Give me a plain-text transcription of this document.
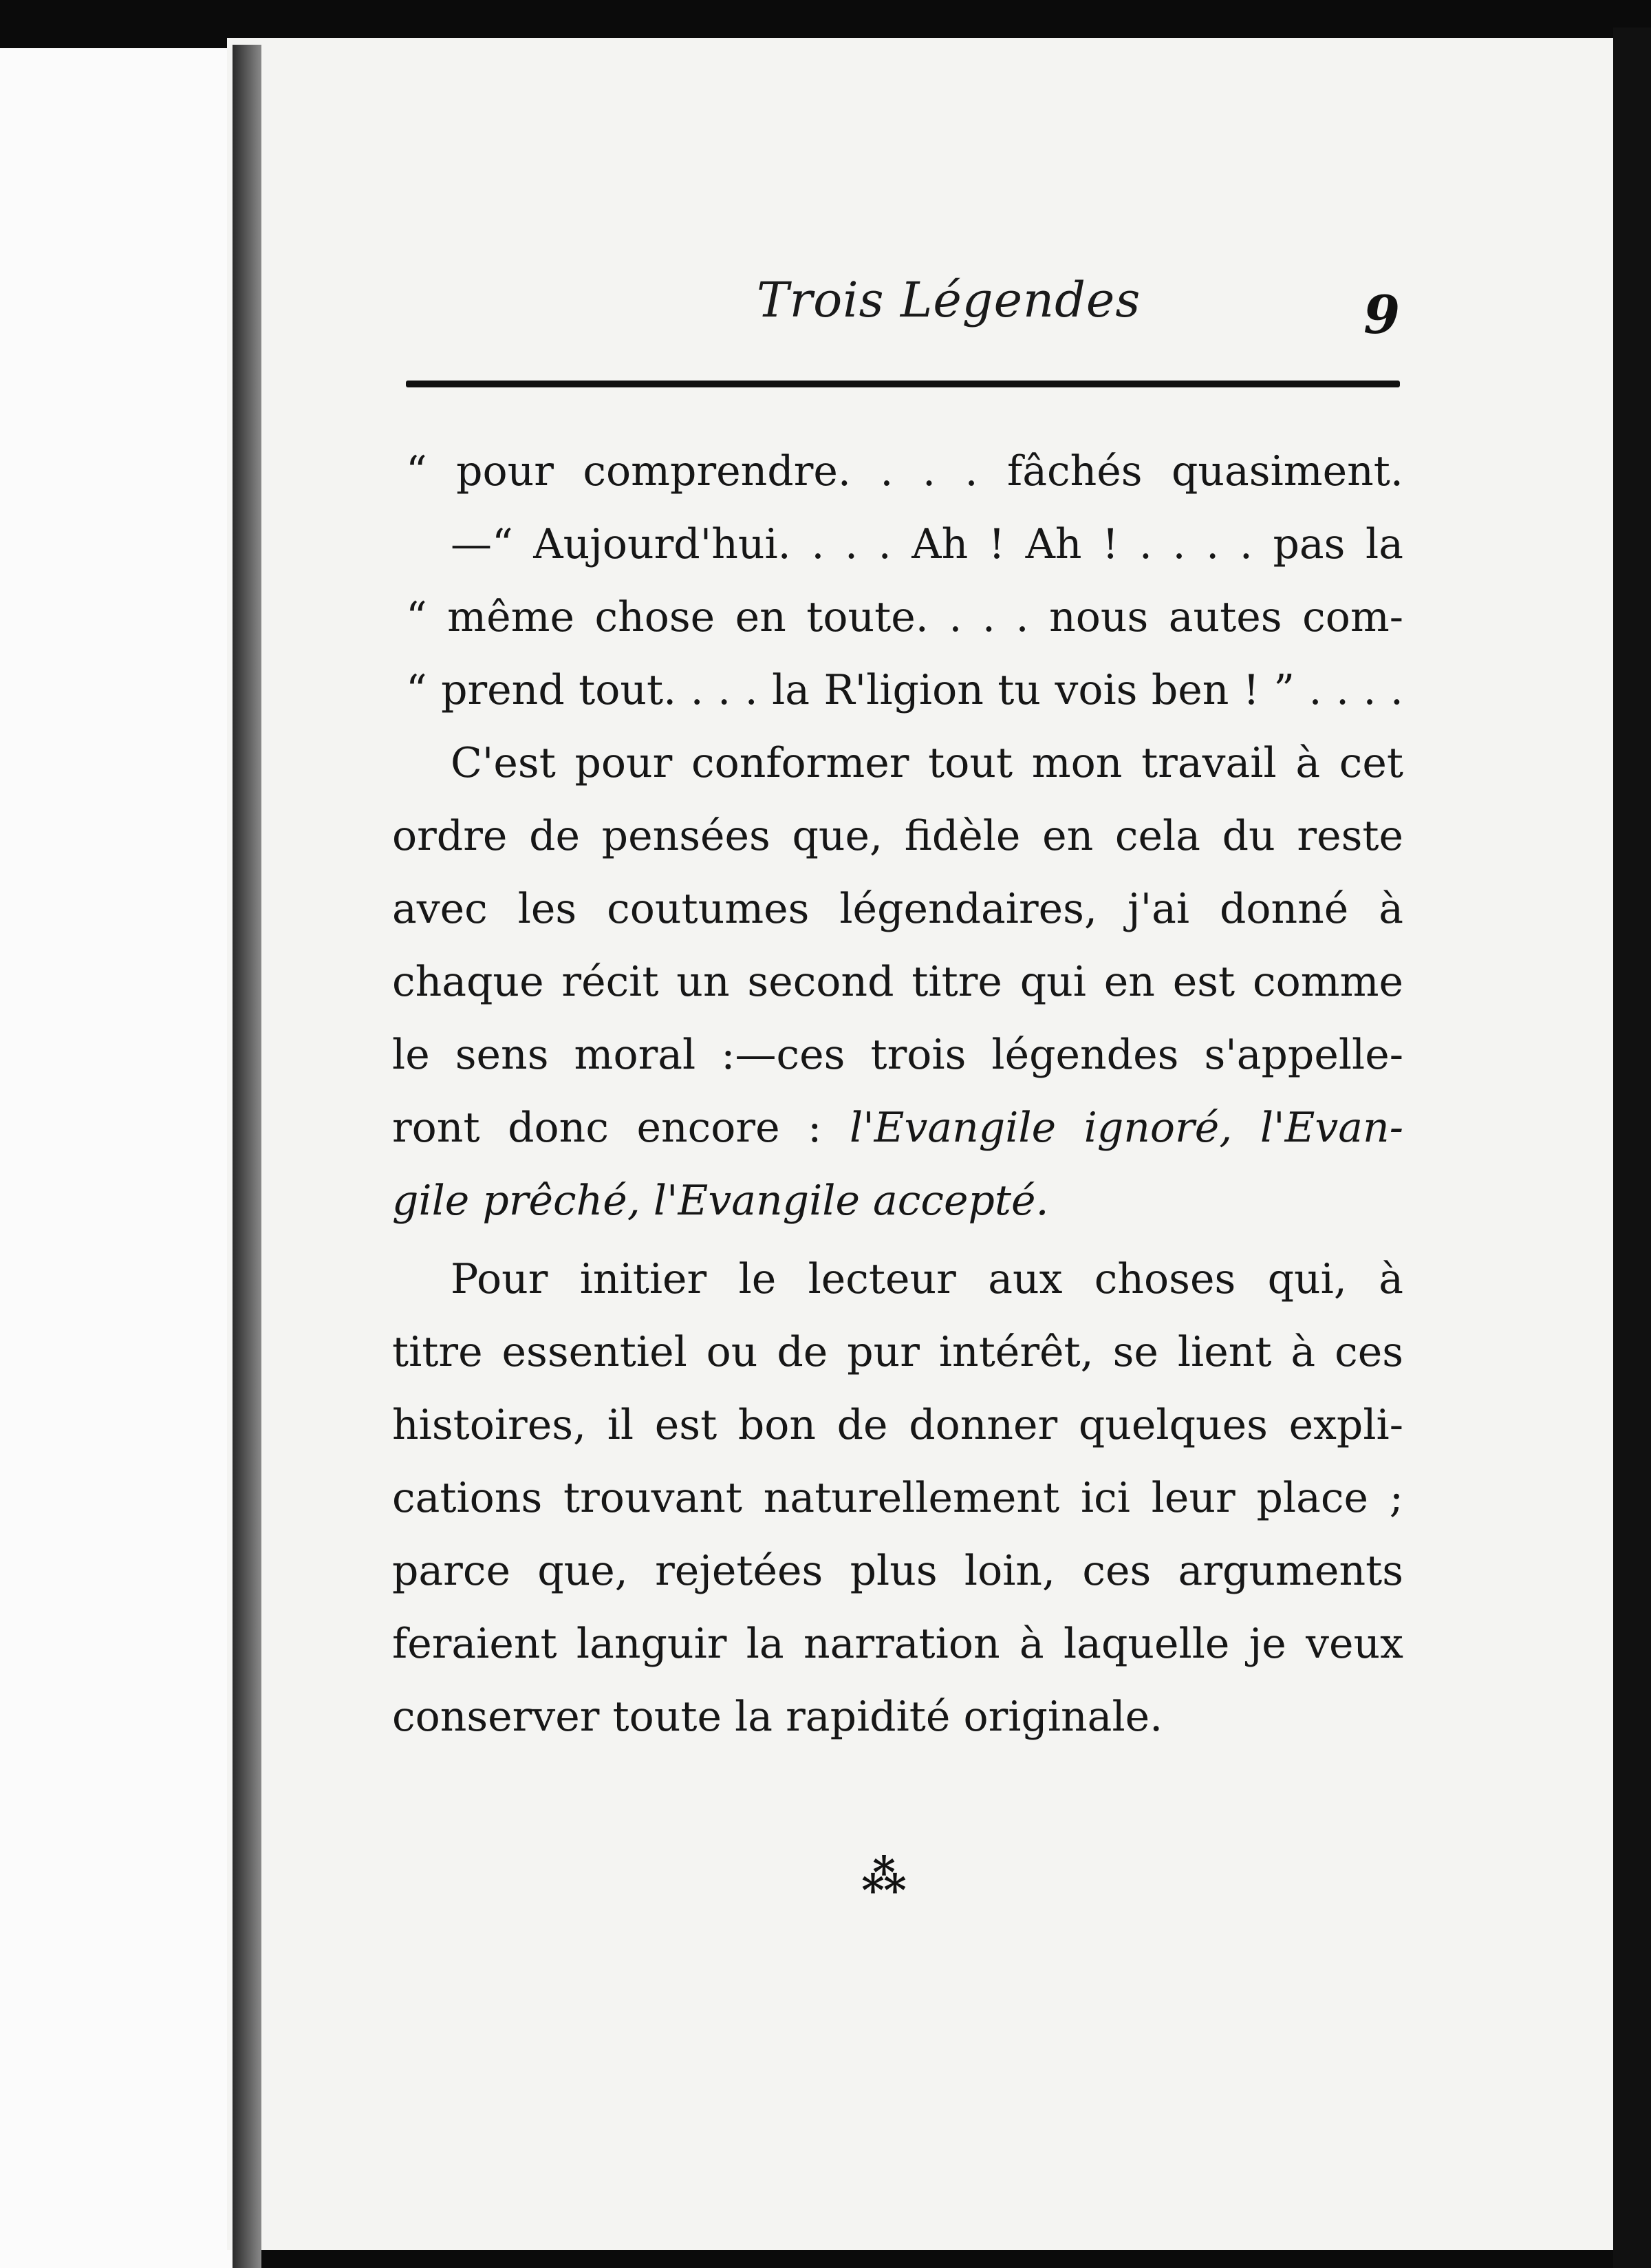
Trois Légendes	9
“ pour comprendre. . . . fâchés quasiment.
—“ Aujourd'hui. . . . Ah ! Ah ! . . . . pas la
“ même chose en toute. . . . nous autes com-
“ prend tout. . . . la R'ligion tu vois ben ! ” . . . .
C'est pour conformer tout mon travail à cet
ordre de pensées que, fidèle en cela du reste
avec les coutumes légendaires, j'ai donné à
chaque récit un second titre qui en est comme
le sens moral :—ces trois légendes s'appelle-
ront donc encore : l'Evangile ignoré, l'Evan-
gile prêché, l'Evangile accepté.
Pour initier le lecteur aux choses qui, à
titre essentiel ou de pur intérêt, se lient à ces
histoires, il est bon de donner quelques expli-
cations trouvant naturellement ici leur place ;
parce que, rejetées plus loin, ces arguments
feraient languir la narration à laquelle je veux
conserver toute la rapidité originale.
⁂
